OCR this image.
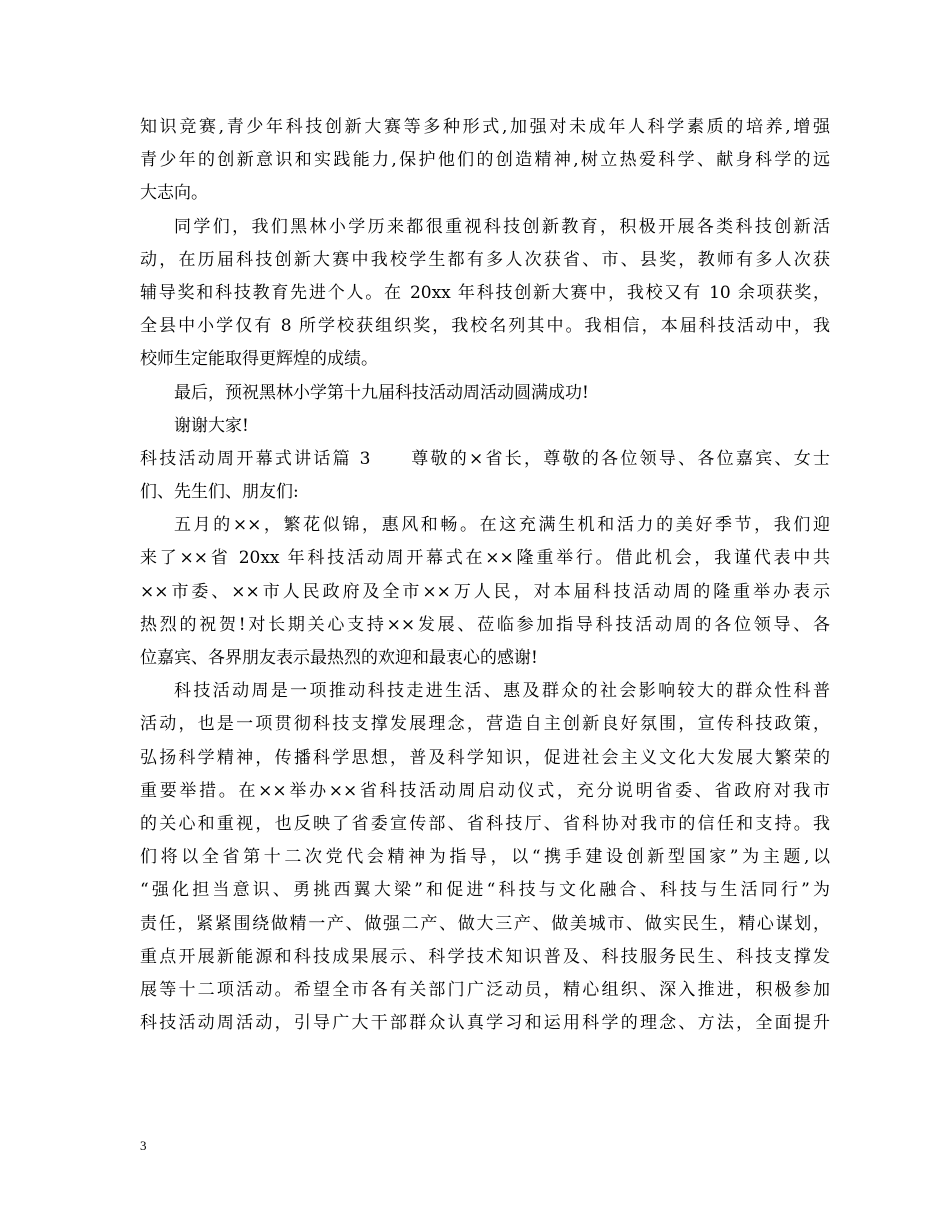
知识竞赛,青少年科技创新大赛等多种形式,加强对未成年人科学素质的培养,增强
青少年的创新意识和实践能力,保护他们的创造精神,树立热爱科学、献身科学的远
大志向。
同学们，我们黑林小学历来都很重视科技创新教育，积极开展各类科技创新活
动，在历届科技创新大赛中我校学生都有多人次获省、市、县奖，教师有多人次获
辅导奖和科技教育先进个人。在 20xx 年科技创新大赛中，我校又有 10 余项获奖，
全县中小学仅有 8 所学校获组织奖，我校名列其中。我相信，本届科技活动中，我
校师生定能取得更辉煌的成绩。
最后，预祝黑林小学第十九届科技活动周活动圆满成功!
谢谢大家!
科技活动周开幕式讲话篇 3　　尊敬的×省长，尊敬的各位领导、各位嘉宾、女士
们、先生们、朋友们:
五月的××，繁花似锦，惠风和畅。在这充满生机和活力的美好季节，我们迎
来了××省 20xx 年科技活动周开幕式在××隆重举行。借此机会，我谨代表中共
××市委、××市人民政府及全市××万人民，对本届科技活动周的隆重举办表示
热烈的祝贺!对长期关心支持××发展、莅临参加指导科技活动周的各位领导、各
位嘉宾、各界朋友表示最热烈的欢迎和最衷心的感谢!
科技活动周是一项推动科技走进生活、惠及群众的社会影响较大的群众性科普
活动，也是一项贯彻科技支撑发展理念，营造自主创新良好氛围，宣传科技政策，
弘扬科学精神，传播科学思想，普及科学知识，促进社会主义文化大发展大繁荣的
重要举措。在××举办××省科技活动周启动仪式，充分说明省委、省政府对我市
的关心和重视，也反映了省委宣传部、省科技厅、省科协对我市的信任和支持。我
们将以全省第十二次党代会精神为指导，以“携手建设创新型国家”为主题,以
“强化担当意识、勇挑西翼大梁”和促进“科技与文化融合、科技与生活同行”为
责任，紧紧围绕做精一产、做强二产、做大三产、做美城市、做实民生，精心谋划，
重点开展新能源和科技成果展示、科学技术知识普及、科技服务民生、科技支撑发
展等十二项活动。希望全市各有关部门广泛动员，精心组织、深入推进，积极参加
科技活动周活动，引导广大干部群众认真学习和运用科学的理念、方法，全面提升
3
